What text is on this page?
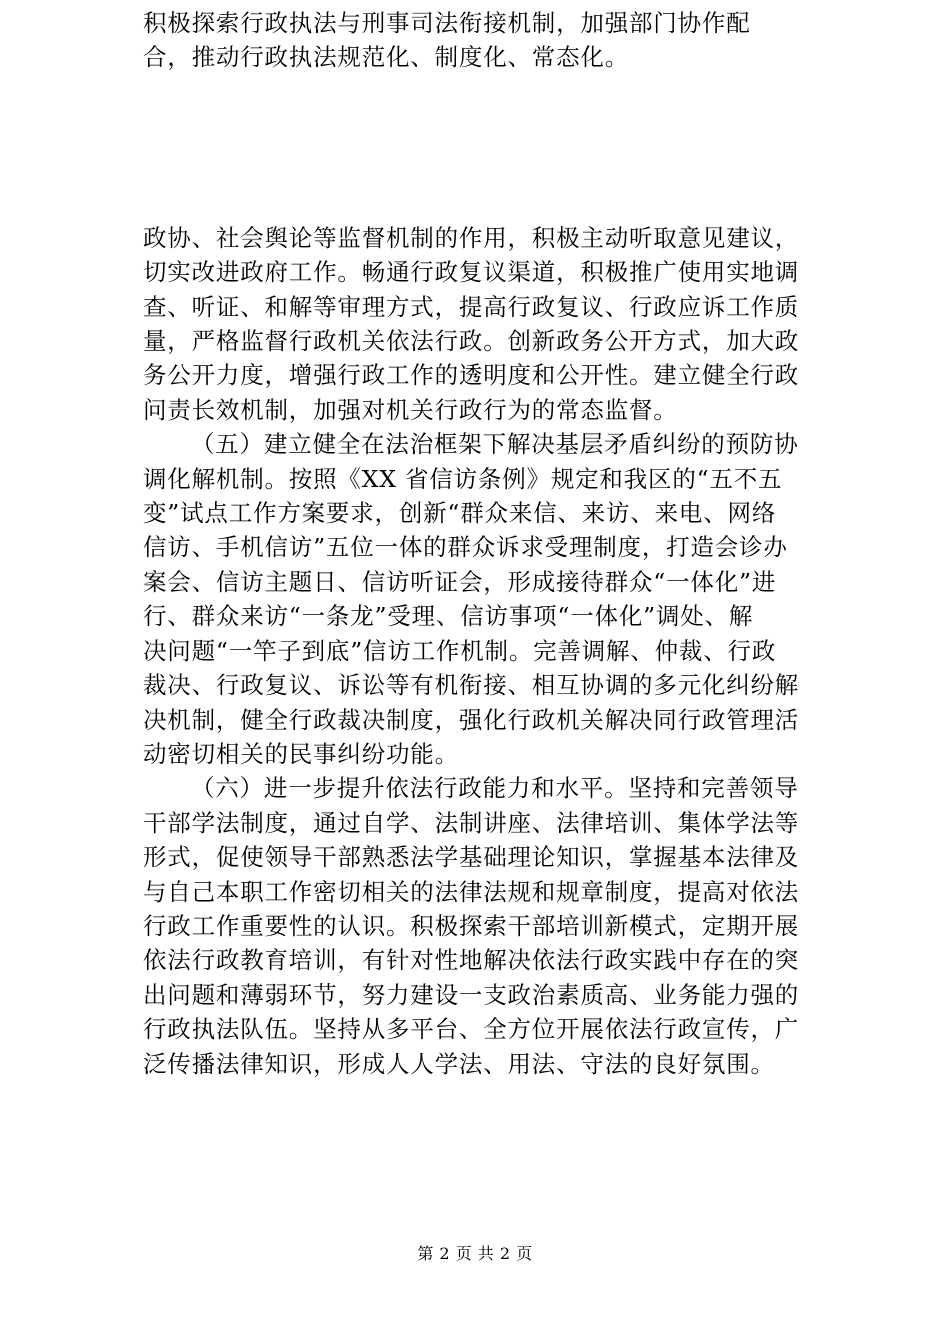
积极探索行政执法与刑事司法衔接机制，加强部门协作配
合，推动行政执法规范化、制度化、常态化。

政协、社会舆论等监督机制的作用，积极主动听取意见建议，
切实改进政府工作。畅通行政复议渠道，积极推广使用实地调
查、听证、和解等审理方式，提高行政复议、行政应诉工作质
量，严格监督行政机关依法行政。创新政务公开方式，加大政
务公开力度，增强行政工作的透明度和公开性。建立健全行政
问责长效机制，加强对机关行政行为的常态监督。

（五）建立健全在法治框架下解决基层矛盾纠纷的预防协
调化解机制。按照《XX 省信访条例》规定和我区的“五不五
变”试点工作方案要求，创新“群众来信、来访、来电、网络
信访、手机信访”五位一体的群众诉求受理制度，打造会诊办
案会、信访主题日、信访听证会，形成接待群众“一体化”进
行、群众来访“一条龙”受理、信访事项“一体化”调处、解
决问题“一竿子到底”信访工作机制。完善调解、仲裁、行政
裁决、行政复议、诉讼等有机衔接、相互协调的多元化纠纷解
决机制，健全行政裁决制度，强化行政机关解决同行政管理活
动密切相关的民事纠纷功能。

（六）进一步提升依法行政能力和水平。坚持和完善领导
干部学法制度，通过自学、法制讲座、法律培训、集体学法等
形式，促使领导干部熟悉法学基础理论知识，掌握基本法律及
与自己本职工作密切相关的法律法规和规章制度，提高对依法
行政工作重要性的认识。积极探索干部培训新模式，定期开展
依法行政教育培训，有针对性地解决依法行政实践中存在的突
出问题和薄弱环节，努力建设一支政治素质高、业务能力强的
行政执法队伍。坚持从多平台、全方位开展依法行政宣传，广
泛传播法律知识，形成人人学法、用法、守法的良好氛围。

第 2 页 共 2 页
